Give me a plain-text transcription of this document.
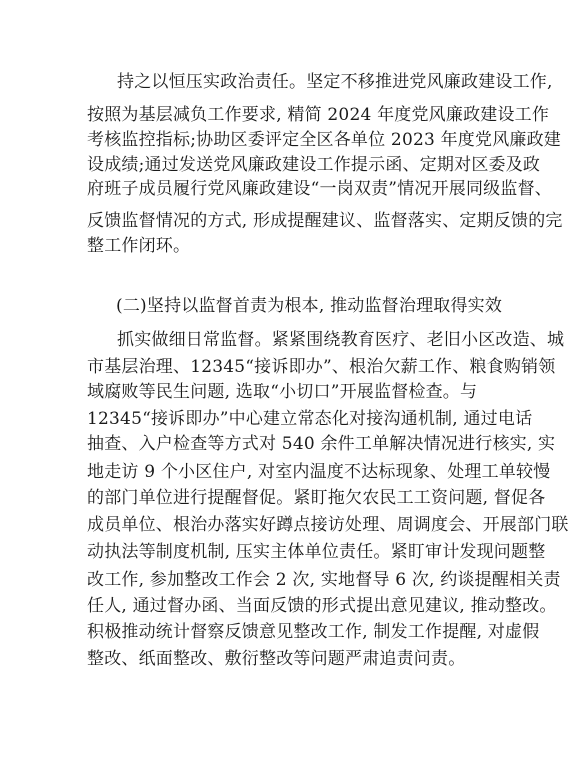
持之以恒压实政治责任。坚定不移推进党风廉政建设工作,

按照为基层减负工作要求, 精简 2024 年度党风廉政建设工作

考核监控指标;协助区委评定全区各单位 2023 年度党风廉政建

设成绩;通过发送党风廉政建设工作提示函、定期对区委及政

府班子成员履行党风廉政建设“一岗双责”情况开展同级监督、

反馈监督情况的方式, 形成提醒建议、监督落实、定期反馈的完

整工作闭环。

(二)坚持以监督首责为根本, 推动监督治理取得实效

抓实做细日常监督。紧紧围绕教育医疗、老旧小区改造、城

市基层治理、12345“接诉即办”、根治欠薪工作、粮食购销领

域腐败等民生问题, 选取“小切口”开展监督检查。与

12345“接诉即办”中心建立常态化对接沟通机制, 通过电话

抽查、入户检查等方式对 540 余件工单解决情况进行核实, 实

地走访 9 个小区住户, 对室内温度不达标现象、处理工单较慢

的部门单位进行提醒督促。紧盯拖欠农民工工资问题, 督促各

成员单位、根治办落实好蹲点接访处理、周调度会、开展部门联

动执法等制度机制, 压实主体单位责任。紧盯审计发现问题整

改工作, 参加整改工作会 2 次, 实地督导 6 次, 约谈提醒相关责

任人, 通过督办函、当面反馈的形式提出意见建议, 推动整改。

积极推动统计督察反馈意见整改工作, 制发工作提醒, 对虚假

整改、纸面整改、敷衍整改等问题严肃追责问责。
